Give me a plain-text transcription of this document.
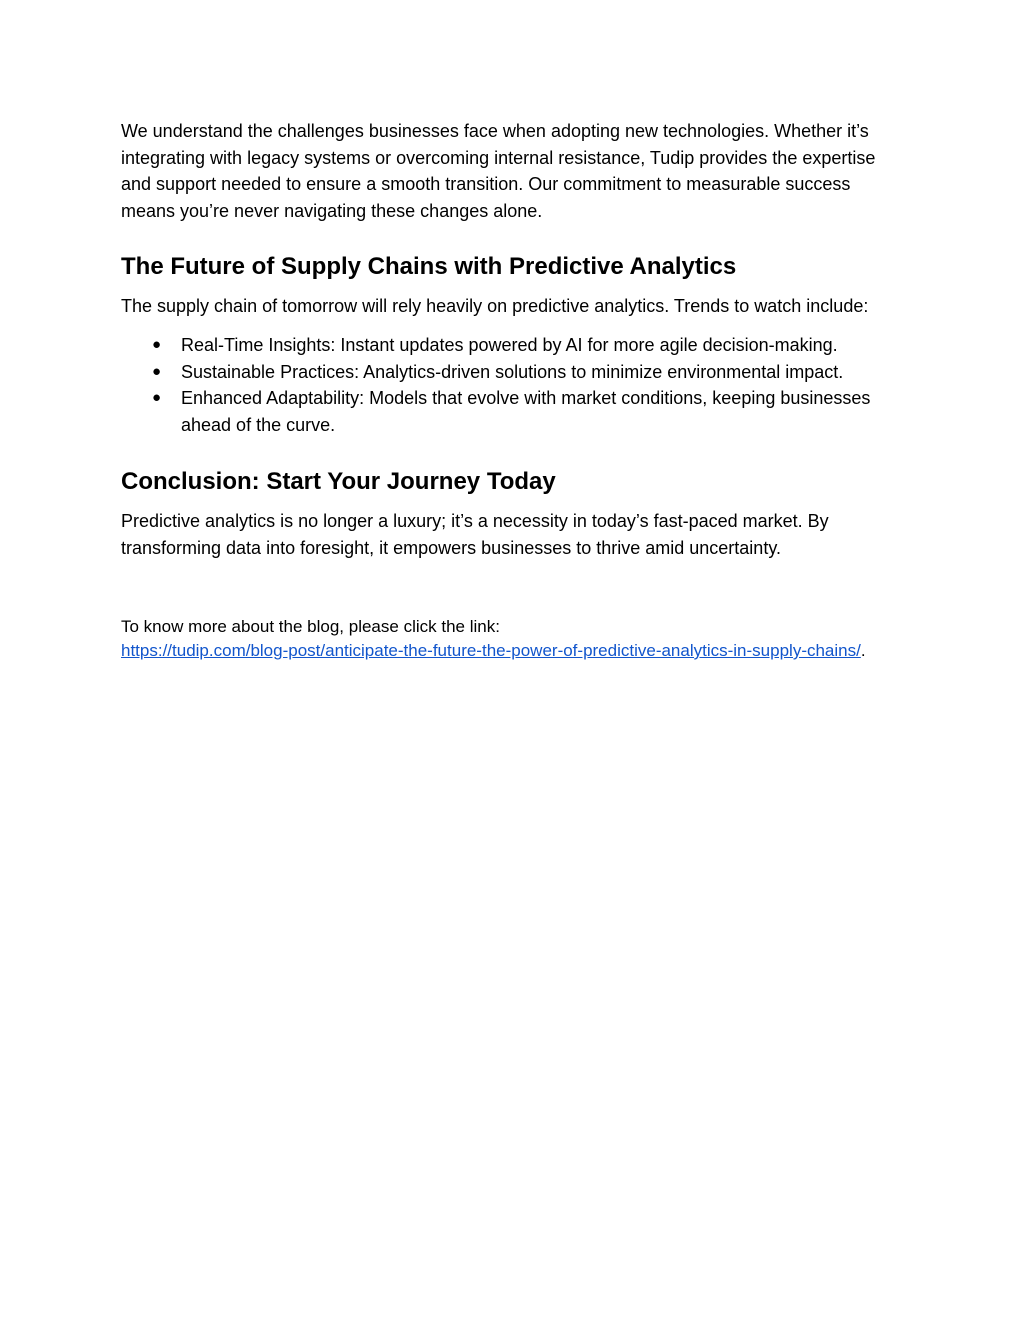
We understand the challenges businesses face when adopting new technologies. Whether it’s integrating with legacy systems or overcoming internal resistance, Tudip provides the expertise and support needed to ensure a smooth transition. Our commitment to measurable success means you’re never navigating these changes alone.

The Future of Supply Chains with Predictive Analytics

The supply chain of tomorrow will rely heavily on predictive analytics. Trends to watch include:

● Real-Time Insights: Instant updates powered by AI for more agile decision-making.
● Sustainable Practices: Analytics-driven solutions to minimize environmental impact.
● Enhanced Adaptability: Models that evolve with market conditions, keeping businesses ahead of the curve.
Conclusion: Start Your Journey Today

Predictive analytics is no longer a luxury; it’s a necessity in today’s fast-paced market. By transforming data into foresight, it empowers businesses to thrive amid uncertainty.

To know more about the blog, please click the link:
https://tudip.com/blog-post/anticipate-the-future-the-power-of-predictive-analytics-in-supply-chains/.
